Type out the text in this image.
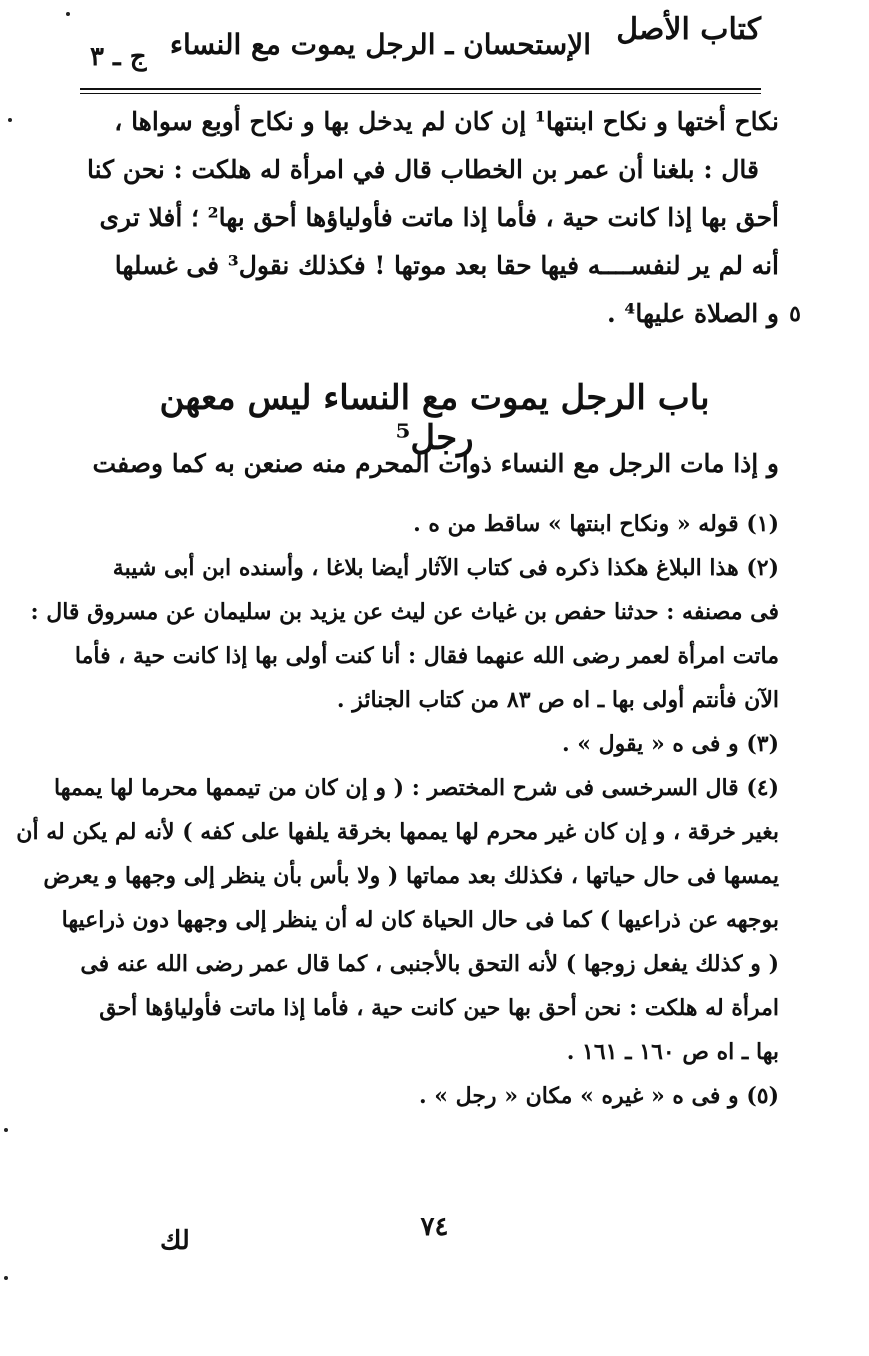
كتاب الأصل
الإستحسان ـ الرجل يموت مع النساء
ج ـ ٣
نكاح أختها و نكاح ابنتها¹ إن كان لم يدخل بها و نكاح أوبع سواها ،
قال : بلغنا أن عمر بن الخطاب قال في امرأة له هلكت : نحن كنا
أحق بها إذا كانت حية ، فأما إذا ماتت فأولياؤها أحق بها² ؛ أفلا ترى
أنه لم ير لنفســــه فيها حقا بعد موتها ! فكذلك نقول³ فى غسلها
٥
و الصلاة عليها⁴ .
باب الرجل يموت مع النساء ليس معهن رجل⁵
و إذا مات الرجل مع النساء ذوات المحرم منه صنعن به كما وصفت
(١) قوله « ونكاح ابنتها » ساقط من ه .
(٢) هذا البلاغ هكذا ذكره فى كتاب الآثار أيضا بلاغا ، وأسنده ابن أبى شيبة
فى مصنفه : حدثنا حفص بن غياث عن ليث عن يزيد بن سليمان عن مسروق قال :
ماتت امرأة لعمر رضى الله عنهما فقال : أنا كنت أولى بها إذا كانت حية ، فأما
الآن فأنتم أولى بها ـ اه ص ٨٣ من كتاب الجنائز .
(٣) و فى ه « يقول » .
(٤) قال السرخسى فى شرح المختصر : ( و إن كان من تيممها محرما لها يممها
بغير خرقة ، و إن كان غير محرم لها يممها بخرقة يلفها على كفه ) لأنه لم يكن له أن
يمسها فى حال حياتها ، فكذلك بعد مماتها ( ولا بأس بأن ينظر إلى وجهها و يعرض
بوجهه عن ذراعيها ) كما فى حال الحياة كان له أن ينظر إلى وجهها دون ذراعيها
( و كذلك يفعل زوجها ) لأنه التحق بالأجنبى ، كما قال عمر رضى الله عنه فى
امرأة له هلكت : نحن أحق بها حين كانت حية ، فأما إذا ماتت فأولياؤها أحق
بها ـ اه ص ١٦٠ ـ ١٦١ .
(٥) و فى ه « غيره » مكان « رجل » .
٧٤
لك
